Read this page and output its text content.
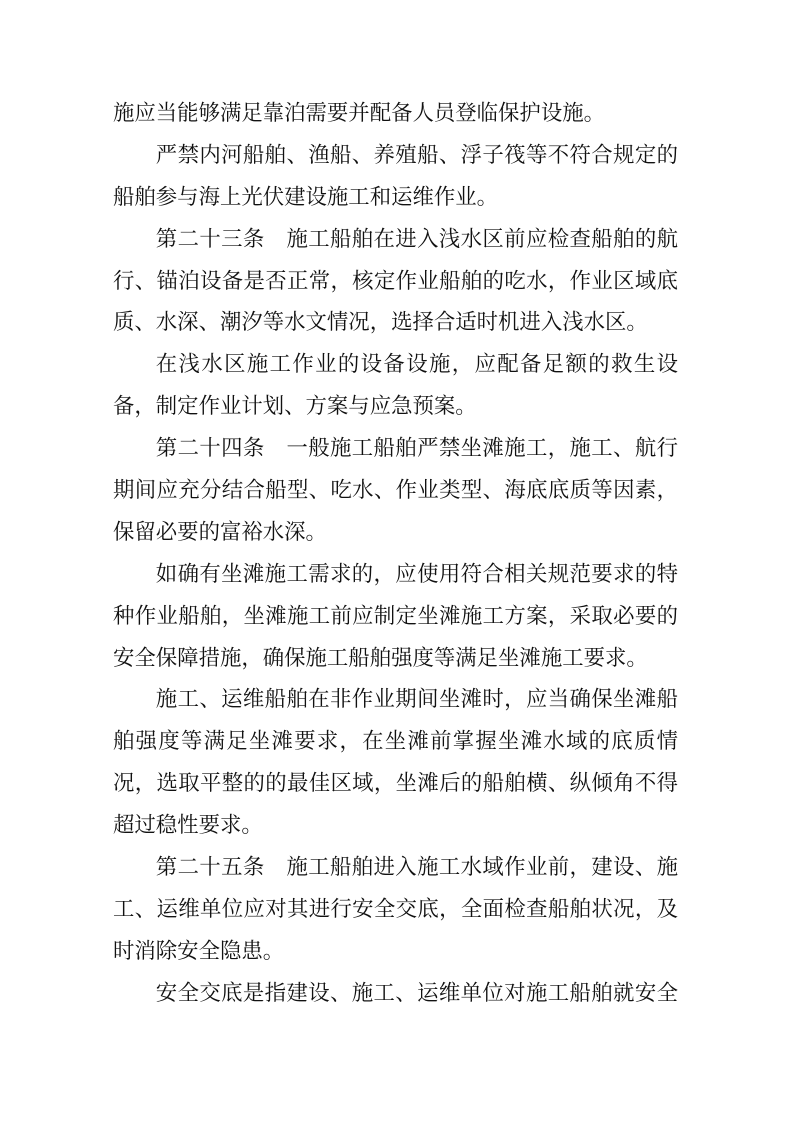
施应当能够满足靠泊需要并配备人员登临保护设施。
严禁内河船舶、渔船、养殖船、浮子筏等不符合规定的
船舶参与海上光伏建设施工和运维作业。
第二十三条　施工船舶在进入浅水区前应检查船舶的航
行、锚泊设备是否正常，核定作业船舶的吃水，作业区域底
质、水深、潮汐等水文情况，选择合适时机进入浅水区。
在浅水区施工作业的设备设施，应配备足额的救生设
备，制定作业计划、方案与应急预案。
第二十四条　一般施工船舶严禁坐滩施工，施工、航行
期间应充分结合船型、吃水、作业类型、海底底质等因素，
保留必要的富裕水深。
如确有坐滩施工需求的，应使用符合相关规范要求的特
种作业船舶，坐滩施工前应制定坐滩施工方案，采取必要的
安全保障措施，确保施工船舶强度等满足坐滩施工要求。
施工、运维船舶在非作业期间坐滩时，应当确保坐滩船
舶强度等满足坐滩要求，在坐滩前掌握坐滩水域的底质情
况，选取平整的的最佳区域，坐滩后的船舶横、纵倾角不得
超过稳性要求。
第二十五条　施工船舶进入施工水域作业前，建设、施
工、运维单位应对其进行安全交底，全面检查船舶状况，及
时消除安全隐患。
安全交底是指建设、施工、运维单位对施工船舶就安全
